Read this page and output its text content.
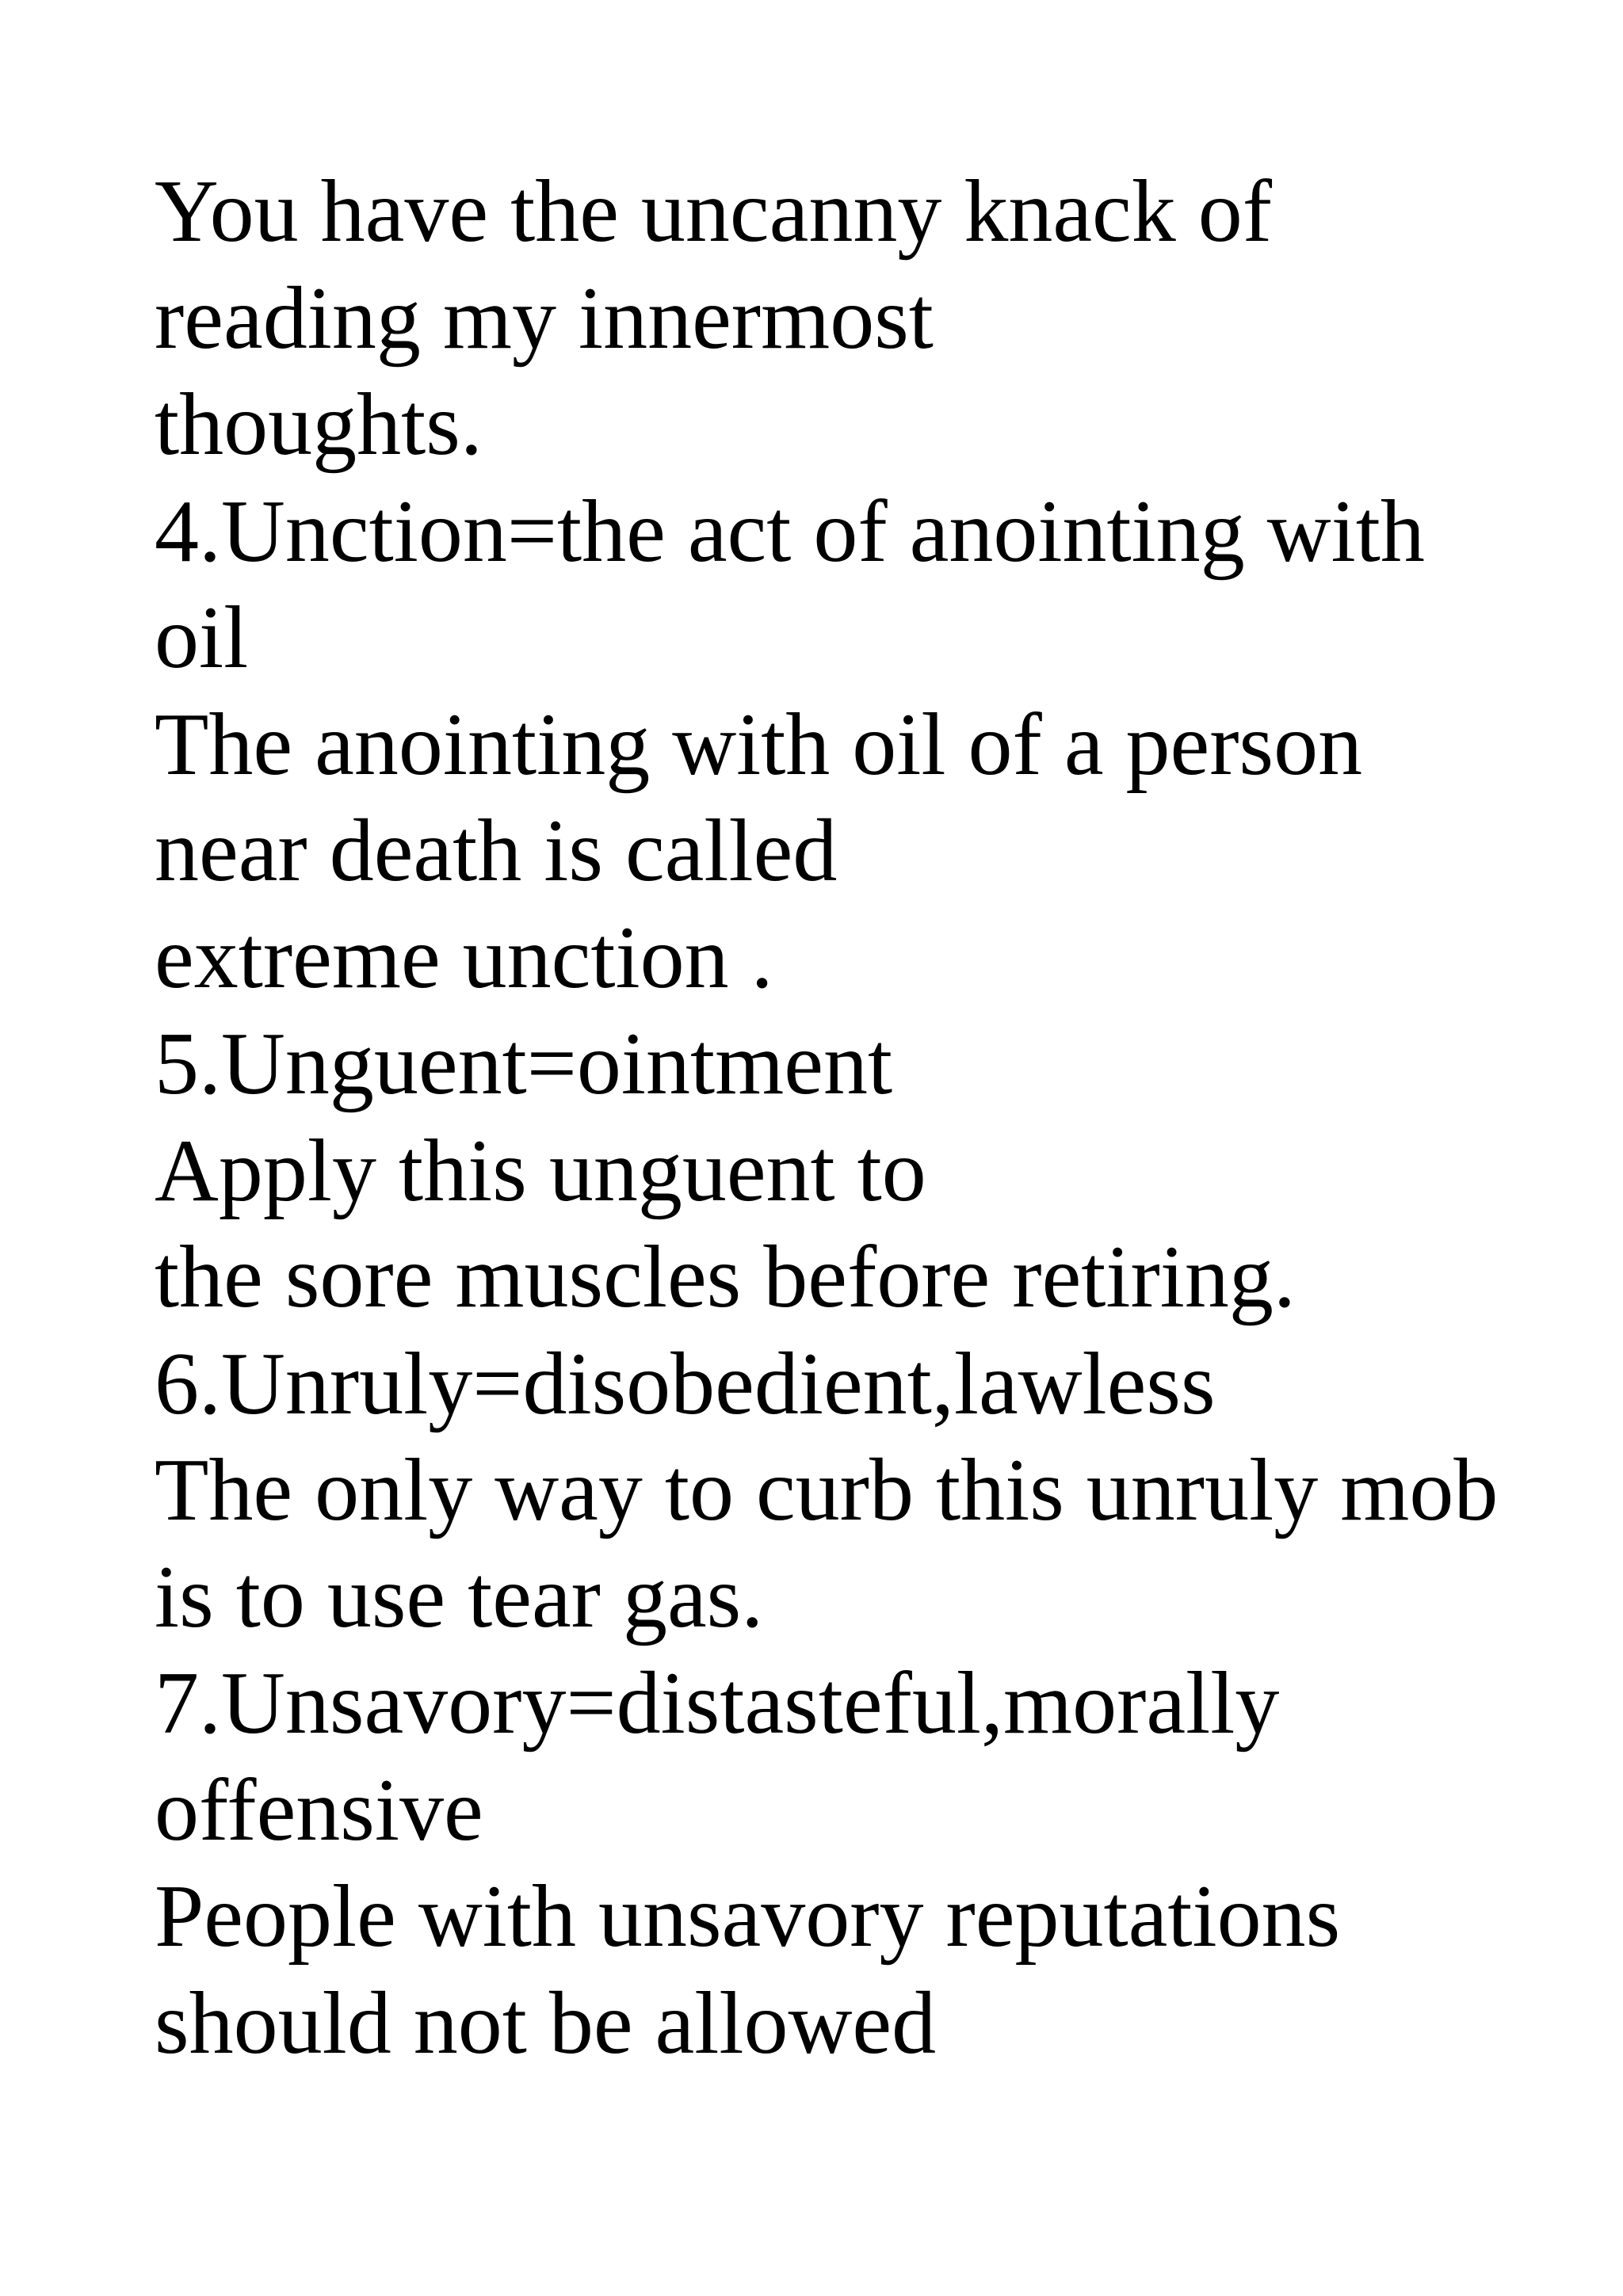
You have the uncanny knack of

reading my innermost

thoughts.

4.Unction=the act of anointing with

oil

The anointing with oil of a person

near death is called

extreme unction .

5.Unguent=ointment

Apply this unguent to

the sore muscles before retiring.

6.Unruly=disobedient,lawless

The only way to curb this unruly mob

is to use tear gas.

7.Unsavory=distasteful,morally

offensive

People with unsavory reputations

should not be allowed
